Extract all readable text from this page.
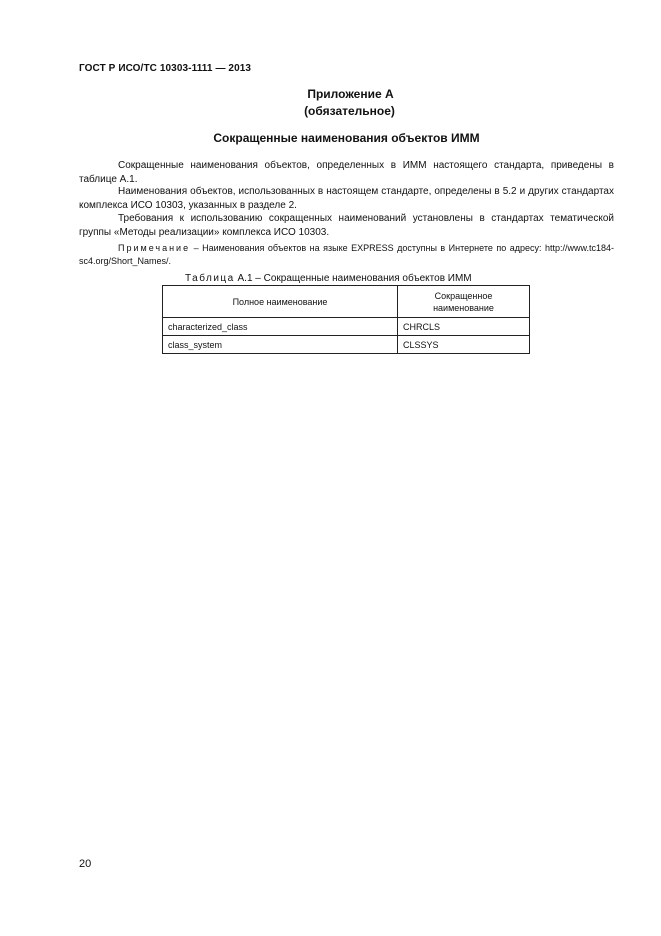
ГОСТ Р ИСО/ТС 10303-1111 — 2013
Приложение А
(обязательное)
Сокращенные наименования объектов ИММ

Сокращенные наименования объектов, определенных в ИММ настоящего стандарта, приведены в таблице А.1.

Наименования объектов, использованных в настоящем стандарте, определены в 5.2 и других стандартах комплекса ИСО 10303, указанных в разделе 2.

Требования к использованию сокращенных наименований установлены в стандартах тематической группы «Методы реализации» комплекса ИСО 10303.

Примечание – Наименования объектов на языке EXPRESS доступны в Интернете по адресу: http://www.tc184-sc4.org/Short_Names/.

Таблица А.1 – Сокращенные наименования объектов ИММ
Полное наименование	Сокращенное наименование
characterized_class	CHRCLS
class_system	CLSSYS
20
